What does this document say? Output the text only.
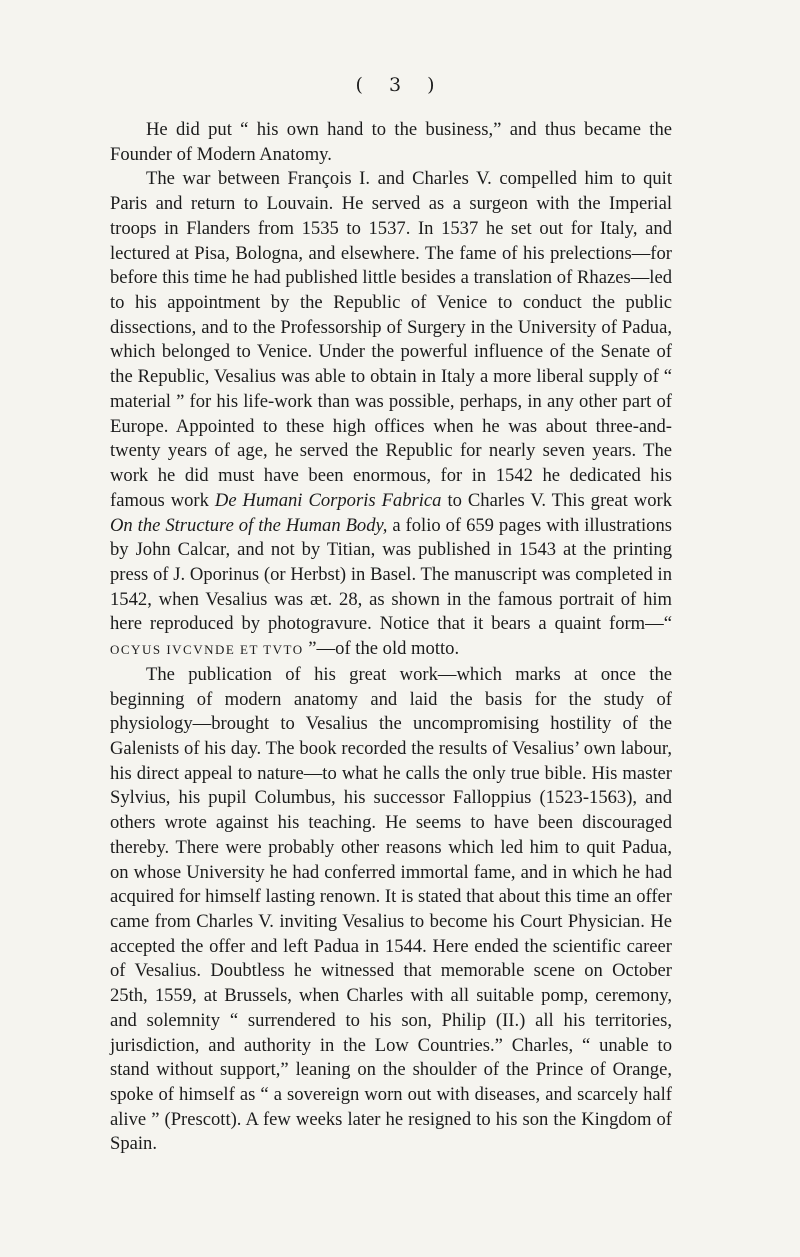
( 3 )

He did put “ his own hand to the business,” and thus became the Founder of Modern Anatomy.

The war between François I. and Charles V. compelled him to quit Paris and return to Louvain. He served as a surgeon with the Imperial troops in Flanders from 1535 to 1537. In 1537 he set out for Italy, and lectured at Pisa, Bologna, and elsewhere. The fame of his prelections—for before this time he had published little besides a translation of Rhazes—led to his appointment by the Republic of Venice to conduct the public dissections, and to the Professorship of Surgery in the University of Padua, which belonged to Venice. Under the powerful influence of the Senate of the Republic, Vesalius was able to obtain in Italy a more liberal supply of “ material ” for his life-work than was possible, perhaps, in any other part of Europe. Appointed to these high offices when he was about three-and-twenty years of age, he served the Republic for nearly seven years. The work he did must have been enormous, for in 1542 he dedicated his famous work De Humani Corporis Fabrica to Charles V. This great work On the Structure of the Human Body, a folio of 659 pages with illustrations by John Calcar, and not by Titian, was published in 1543 at the printing press of J. Oporinus (or Herbst) in Basel. The manuscript was completed in 1542, when Vesalius was æt. 28, as shown in the famous portrait of him here reproduced by photogravure. Notice that it bears a quaint form—“ OCYUS IVCVNDE ET TVTO ”—of the old motto.

The publication of his great work—which marks at once the beginning of modern anatomy and laid the basis for the study of physiology—brought to Vesalius the uncompromising hostility of the Galenists of his day. The book recorded the results of Vesalius’ own labour, his direct appeal to nature—to what he calls the only true bible. His master Sylvius, his pupil Columbus, his successor Falloppius (1523-1563), and others wrote against his teaching. He seems to have been discouraged thereby. There were probably other reasons which led him to quit Padua, on whose University he had conferred immortal fame, and in which he had acquired for himself lasting renown. It is stated that about this time an offer came from Charles V. inviting Vesalius to become his Court Physician. He accepted the offer and left Padua in 1544. Here ended the scientific career of Vesalius. Doubtless he witnessed that memorable scene on October 25th, 1559, at Brussels, when Charles with all suitable pomp, ceremony, and solemnity “ surrendered to his son, Philip (II.) all his territories, jurisdiction, and authority in the Low Countries.” Charles, “ unable to stand without support,” leaning on the shoulder of the Prince of Orange, spoke of himself as “ a sovereign worn out with diseases, and scarcely half alive ” (Prescott). A few weeks later he resigned to his son the Kingdom of Spain.
